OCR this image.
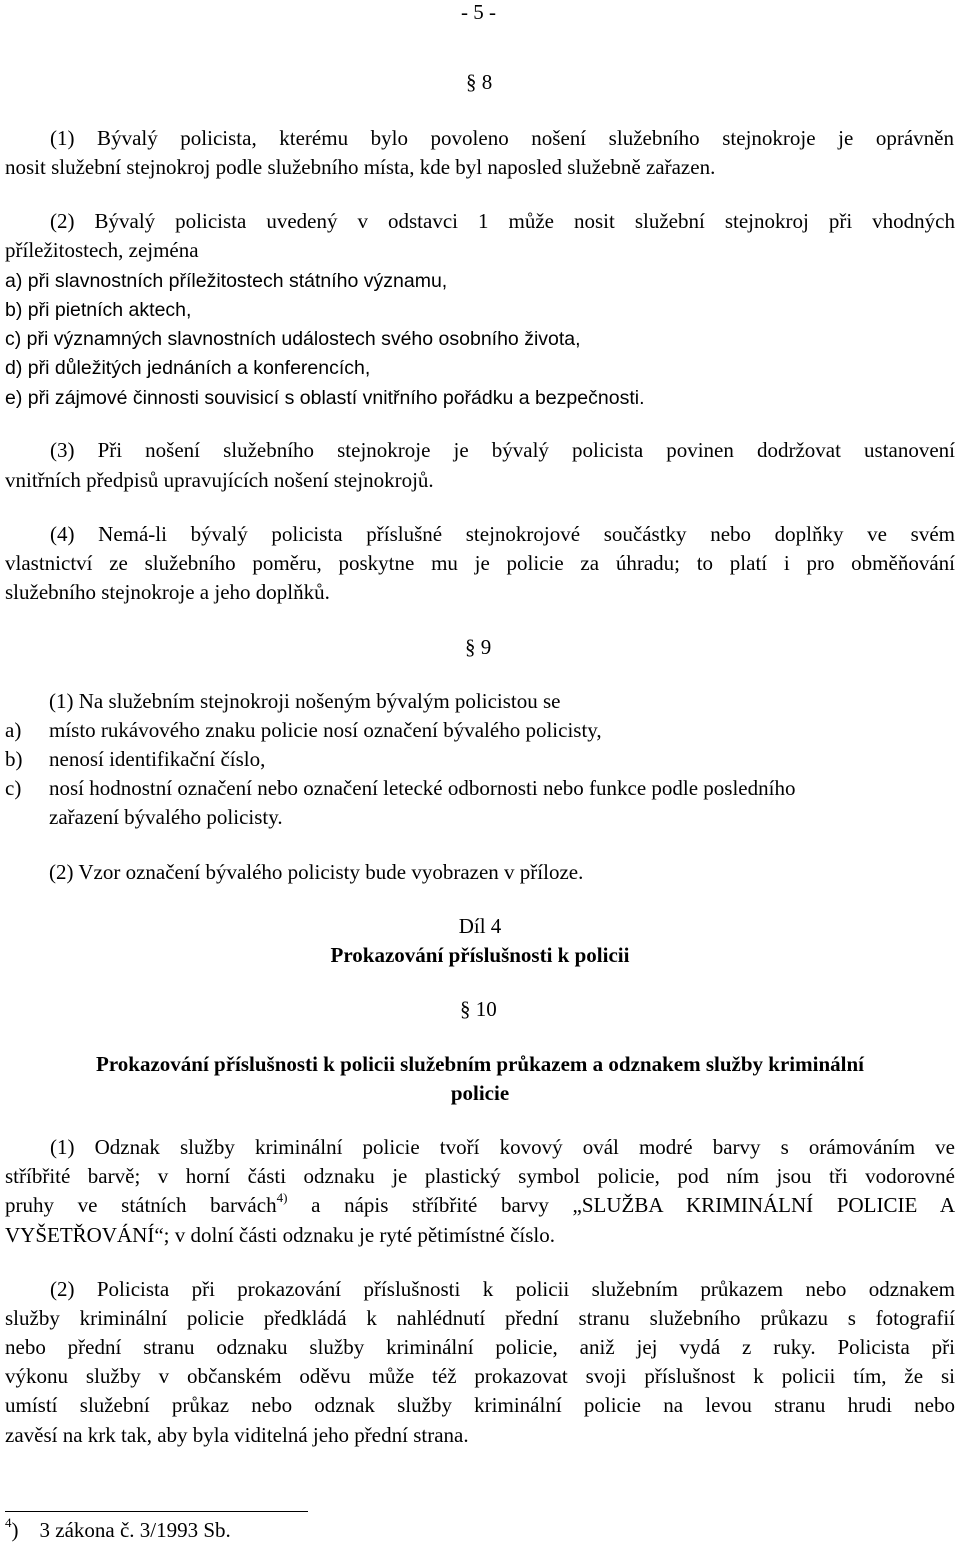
- 5 -
§ 8
(1) Bývalý policista, kterému bylo povoleno nošení služebního stejnokroje je oprávněn
nosit služební stejnokroj podle služebního místa, kde byl naposled služebně zařazen.
(2) Bývalý policista uvedený v odstavci 1 může nosit služební stejnokroj při vhodných
příležitostech, zejména
a) při slavnostních příležitostech státního významu,
b) při pietních aktech,
c) při významných slavnostních událostech svého osobního života,
d) při důležitých jednáních a konferencích,
e) při zájmové činnosti souvisicí s oblastí vnitřního pořádku a bezpečnosti.
(3) Při nošení služebního stejnokroje je bývalý policista povinen dodržovat ustanovení
vnitřních předpisů upravujících nošení stejnokrojů.
(4) Nemá-li bývalý policista příslušné stejnokrojové součástky nebo doplňky ve svém
vlastnictví ze služebního poměru, poskytne mu je policie za úhradu; to platí i pro obměňování
služebního stejnokroje a jeho doplňků.
§ 9
(1) Na služebním stejnokroji nošeným bývalým policistou se
a) místo rukávového znaku policie nosí označení bývalého policisty,
b) nenosí identifikační číslo,
c) nosí hodnostní označení nebo označení letecké odbornosti nebo funkce podle posledního
zařazení bývalého policisty.
(2) Vzor označení bývalého policisty bude vyobrazen v příloze.
Díl 4
Prokazování příslušnosti k policii
§ 10
Prokazování příslušnosti k policii služebním průkazem a odznakem služby kriminální
policie
(1) Odznak služby kriminální policie tvoří kovový ovál modré barvy s orámováním ve
stříbřité barvě; v horní části odznaku je plastický symbol policie, pod ním jsou tři vodorovné
pruhy ve státních barvách$^{4)}$ a nápis stříbřité barvy „SLUŽBA KRIMINÁLNÍ POLICIE A
VYŠETŘOVÁNÍ“; v dolní části odznaku je ryté pětimístné číslo.
(2) Policista při prokazování příslušnosti k policii služebním průkazem nebo odznakem
služby kriminální policie předkládá k nahlédnutí přední stranu služebního průkazu s fotografií
nebo přední stranu odznaku služby kriminální policie, aniž jej vydá z ruky. Policista při
výkonu služby v občanském oděvu může též prokazovat svoji příslušnost k policii tím, že si
umístí služební průkaz nebo odznak služby kriminální policie na levou stranu hrudi nebo
zavěsí na krk tak, aby byla viditelná jeho přední strana.
$^4$) 3 zákona č. 3/1993 Sb.
